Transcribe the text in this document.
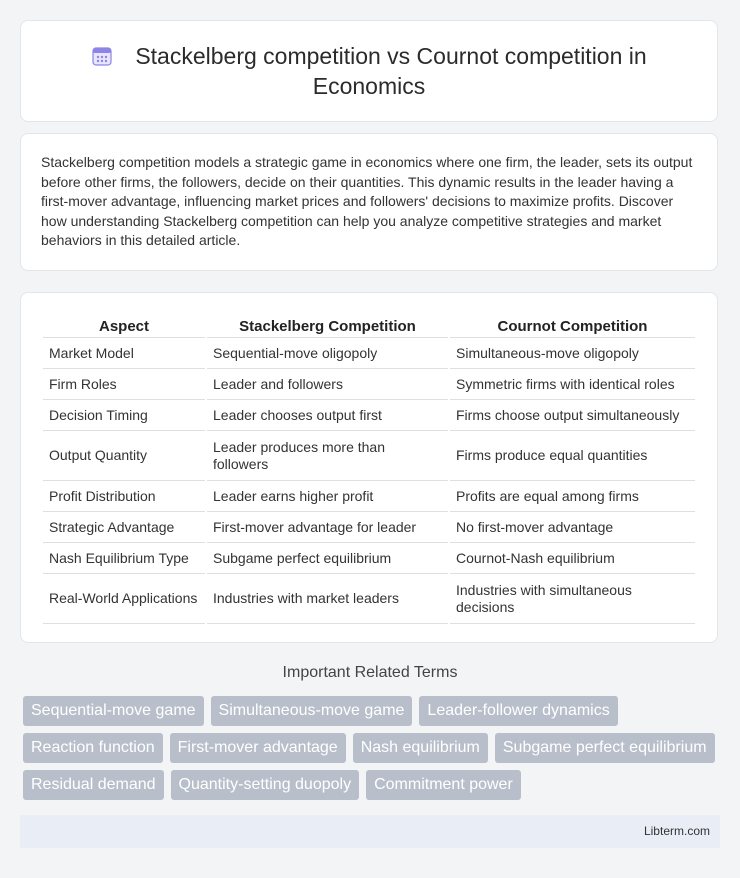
Stackelberg competition vs Cournot competition in Economics

Stackelberg competition models a strategic game in economics where one firm, the leader, sets its output before other firms, the followers, decide on their quantities. This dynamic results in the leader having a first-mover advantage, influencing market prices and followers' decisions to maximize profits. Discover how understanding Stackelberg competition can help you analyze competitive strategies and market behaviors in this detailed article.

Aspect	Stackelberg Competition	Cournot Competition
Market Model	Sequential-move oligopoly	Simultaneous-move oligopoly
Firm Roles	Leader and followers	Symmetric firms with identical roles
Decision Timing	Leader chooses output first	Firms choose output simultaneously
Output Quantity	Leader produces more than followers	Firms produce equal quantities
Profit Distribution	Leader earns higher profit	Profits are equal among firms
Strategic Advantage	First-mover advantage for leader	No first-mover advantage
Nash Equilibrium Type	Subgame perfect equilibrium	Cournot-Nash equilibrium
Real-World Applications	Industries with market leaders	Industries with simultaneous decisions
Important Related Terms
Sequential-move game	Simultaneous-move game	Leader-follower dynamics
Reaction function	First-mover advantage	Nash equilibrium	Subgame perfect equilibrium
Residual demand	Quantity-setting duopoly	Commitment power
Libterm.com
